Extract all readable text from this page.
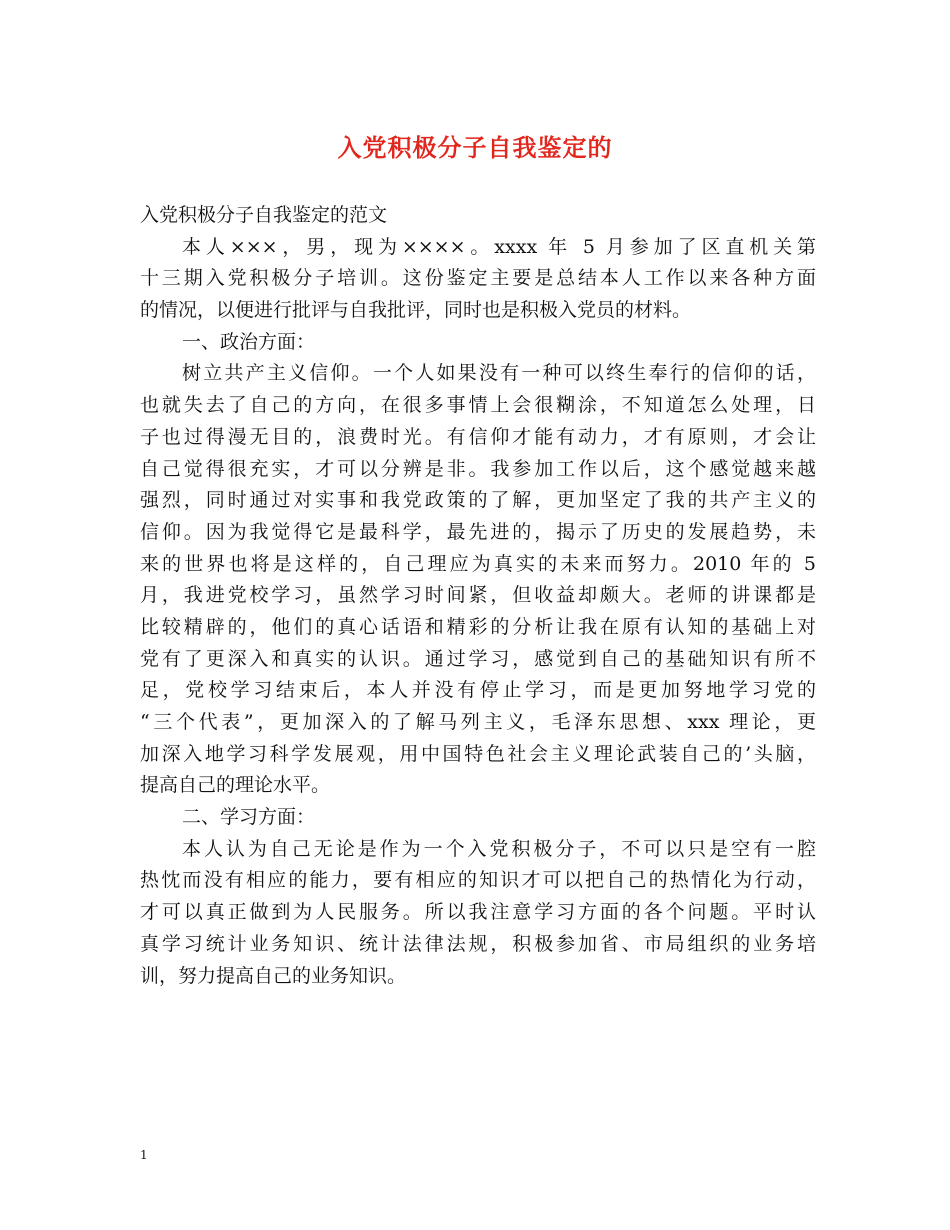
入党积极分子自我鉴定的

入党积极分子自我鉴定的范文

本人×××，男，现为××××。xxxx 年 5 月参加了区直机关第

十三期入党积极分子培训。这份鉴定主要是总结本人工作以来各种方面

的情况，以便进行批评与自我批评，同时也是积极入党员的材料。

一、政治方面：

树立共产主义信仰。一个人如果没有一种可以终生奉行的信仰的话，

也就失去了自己的方向，在很多事情上会很糊涂，不知道怎么处理，日

子也过得漫无目的，浪费时光。有信仰才能有动力，才有原则，才会让

自己觉得很充实，才可以分辨是非。我参加工作以后，这个感觉越来越

强烈，同时通过对实事和我党政策的了解，更加坚定了我的共产主义的

信仰。因为我觉得它是最科学，最先进的，揭示了历史的发展趋势，未

来的世界也将是这样的，自己理应为真实的未来而努力。2010 年的 5

月，我进党校学习，虽然学习时间紧，但收益却颇大。老师的讲课都是

比较精辟的，他们的真心话语和精彩的分析让我在原有认知的基础上对

党有了更深入和真实的认识。通过学习，感觉到自己的基础知识有所不

足，党校学习结束后，本人并没有停止学习，而是更加努地学习党的

“三个代表”，更加深入的了解马列主义，毛泽东思想、xxx 理论，更

加深入地学习科学发展观，用中国特色社会主义理论武装自己的’头脑，

提高自己的理论水平。

二、学习方面：

本人认为自己无论是作为一个入党积极分子，不可以只是空有一腔

热忱而没有相应的能力，要有相应的知识才可以把自己的热情化为行动，

才可以真正做到为人民服务。所以我注意学习方面的各个问题。平时认

真学习统计业务知识、统计法律法规，积极参加省、市局组织的业务培

训，努力提高自己的业务知识。

1
